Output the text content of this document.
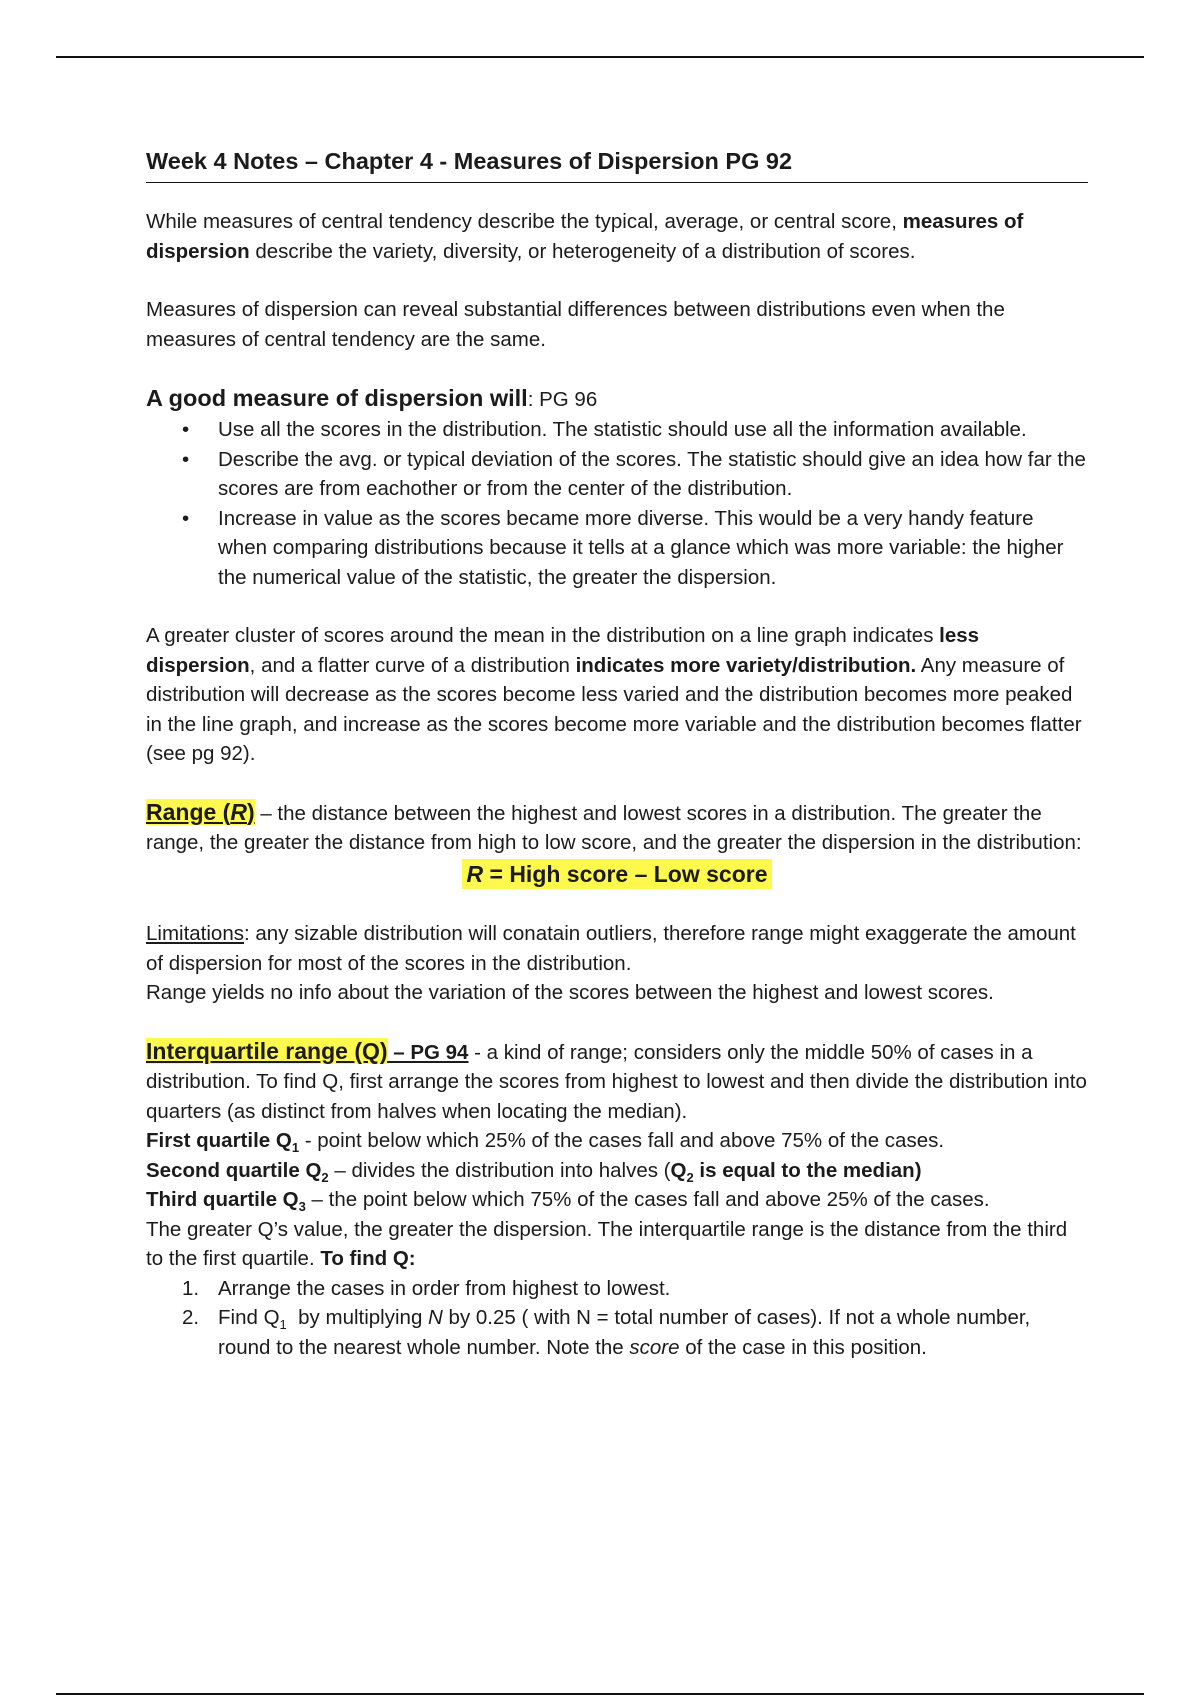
Week 4 Notes – Chapter 4 - Measures of Dispersion PG 92

While measures of central tendency describe the typical, average, or central score, measures of dispersion describe the variety, diversity, or heterogeneity of a distribution of scores.

Measures of dispersion can reveal substantial differences between distributions even when the measures of central tendency are the same.

A good measure of dispersion will: PG 96
• Use all the scores in the distribution. The statistic should use all the information available.
• Describe the avg. or typical deviation of the scores. The statistic should give an idea how far the scores are from eachother or from the center of the distribution.
• Increase in value as the scores became more diverse. This would be a very handy feature when comparing distributions because it tells at a glance which was more variable: the higher the numerical value of the statistic, the greater the dispersion.

A greater cluster of scores around the mean in the distribution on a line graph indicates less dispersion, and a flatter curve of a distribution indicates more variety/distribution. Any measure of distribution will decrease as the scores become less varied and the distribution becomes more peaked in the line graph, and increase as the scores become more variable and the distribution becomes flatter (see pg 92).

Range (R) – the distance between the highest and lowest scores in a distribution. The greater the range, the greater the distance from high to low score, and the greater the dispersion in the distribution:
R = High score – Low score

Limitations: any sizable distribution will conatain outliers, therefore range might exaggerate the amount of dispersion for most of the scores in the distribution.
Range yields no info about the variation of the scores between the highest and lowest scores.

Interquartile range (Q) – PG 94 - a kind of range; considers only the middle 50% of cases in a distribution. To find Q, first arrange the scores from highest to lowest and then divide the distribution into quarters (as distinct from halves when locating the median).
First quartile $Q_1$ - point below which 25% of the cases fall and above 75% of the cases.
Second quartile $Q_2$ – divides the distribution into halves ($Q_2$ is equal to the median)
Third quartile $Q_3$ – the point below which 75% of the cases fall and above 25% of the cases.
The greater Q’s value, the greater the dispersion. The interquartile range is the distance from the third to the first quartile. To find Q:
1. Arrange the cases in order from highest to lowest.
2. Find $Q_1$  by multiplying N by 0.25 ( with N = total number of cases). If not a whole number, round to the nearest whole number. Note the score of the case in this position.
